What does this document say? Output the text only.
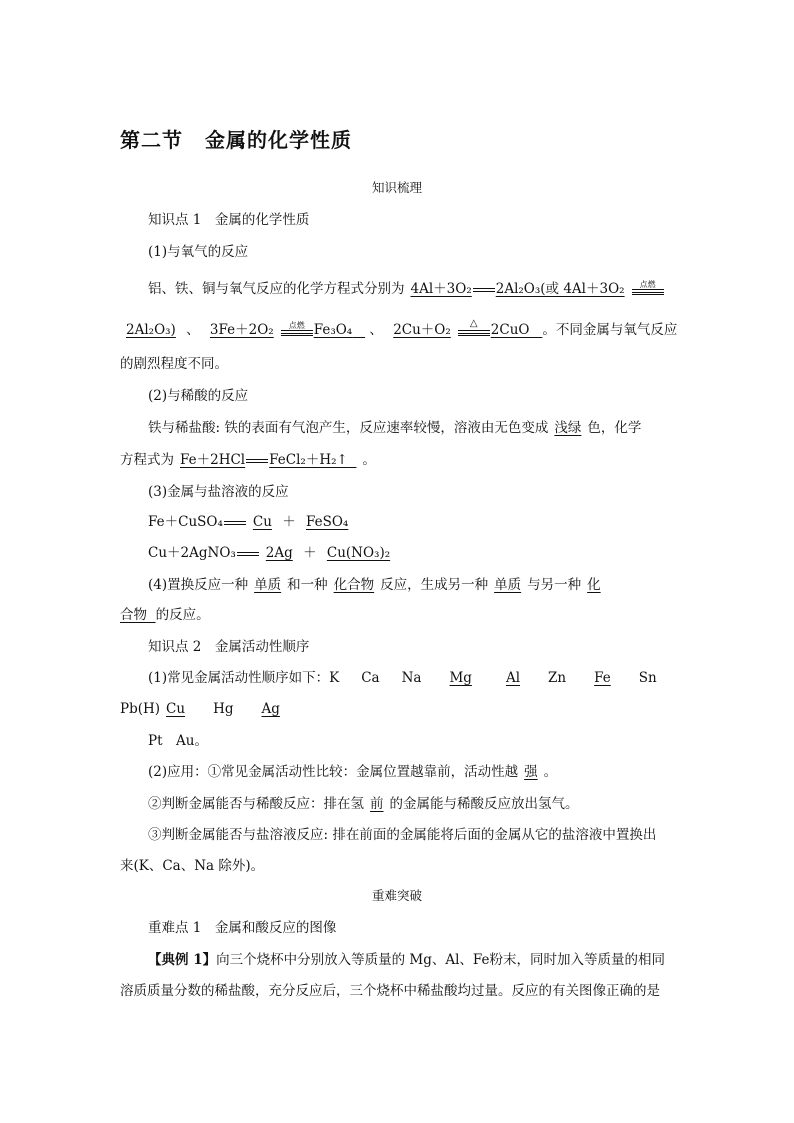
第二节 金属的化学性质
知识梳理
知识点 1　金属的化学性质
(1)与氧气的反应
铝、铁、铜与氧气反应的化学方程式分别为 4Al＋3O₂ 2Al₂O₃(或 4Al＋3O₂	点燃
2Al₂O₃) 、 3Fe＋2O₂	点燃 Fe₃O₄ 、 2Cu＋O₂	△ 2CuO 。不同金属与氧气反应
的剧烈程度不同。
(2)与稀酸的反应
铁与稀盐酸: 铁的表面有气泡产生，反应速率较慢，溶液由无色变成 浅绿 色，化学
方程式为 Fe＋2HCl FeCl₂＋H₂↑ 。
(3)金属与盐溶液的反应
Fe＋CuSO₄ Cu ＋ FeSO₄
Cu＋2AgNO₃ 2Ag ＋ Cu(NO₃)₂
(4)置换反应一种 单质 和一种 化合物 反应，生成另一种 单质 与另一种 化
合物 的反应。
知识点 2　金属活动性顺序
(1)常见金属活动性顺序如下：K Ca Na Mg	Al Zn Fe Sn
Pb(H) Cu Hg Ag
Pt　Au。
(2)应用：①常见金属活动性比较：金属位置越靠前，活动性越 强 。
②判断金属能否与稀酸反应：排在氢 前 的金属能与稀酸反应放出氢气。
③判断金属能否与盐溶液反应: 排在前面的金属能将后面的金属从它的盐溶液中置换出
来(K、Ca、Na 除外)。
重难突破
重难点 1　金属和酸反应的图像
【典例 1】向三个烧杯中分别放入等质量的 Mg、Al、Fe粉末，同时加入等质量的相同
溶质质量分数的稀盐酸，充分反应后，三个烧杯中稀盐酸均过量。反应的有关图像正确的是
